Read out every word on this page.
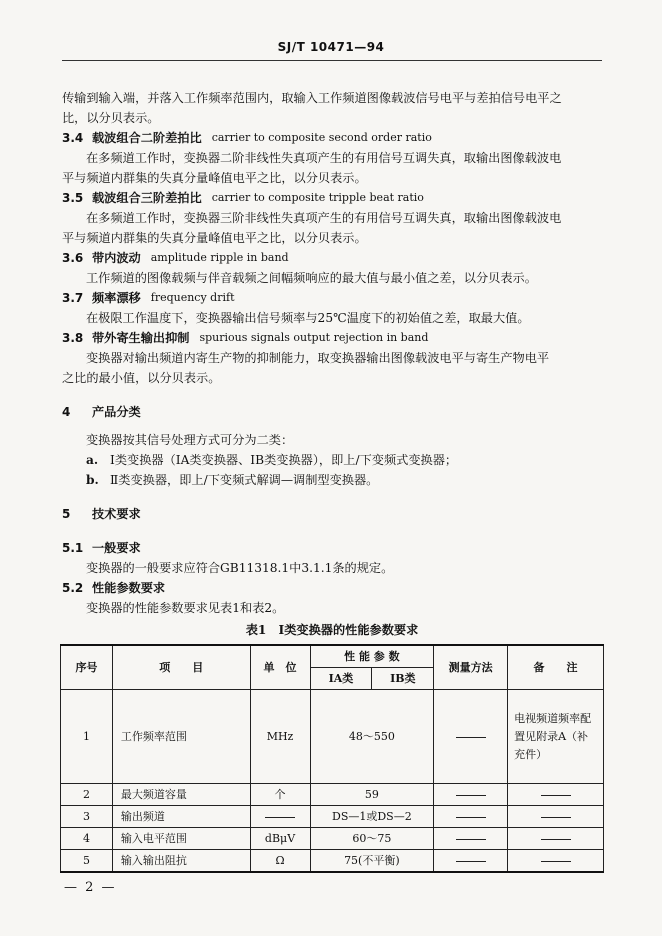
SJ/T 10471—94

传输到输入端，并落入工作频率范围内，取输入工作频道图像载波信号电平与差拍信号电平之

比，以分贝表示。

3.4 载波组合二阶差拍比 carrier to composite second order ratio

在多频道工作时，变换器二阶非线性失真项产生的有用信号互调失真，取输出图像载波电

平与频道内群集的失真分量峰值电平之比，以分贝表示。

3.5 载波组合三阶差拍比 carrier to composite tripple beat ratio

在多频道工作时，变换器三阶非线性失真项产生的有用信号互调失真，取输出图像载波电

平与频道内群集的失真分量峰值电平之比，以分贝表示。

3.6 带内波动 amplitude ripple in band

工作频道的图像载频与伴音载频之间幅频响应的最大值与最小值之差，以分贝表示。

3.7 频率漂移 frequency drift

在极限工作温度下，变换器输出信号频率与25℃温度下的初始值之差，取最大值。

3.8 带外寄生输出抑制 spurious signals output rejection in band

变换器对输出频道内寄生产物的抑制能力，取变换器输出图像载波电平与寄生产物电平

之比的最小值，以分贝表示。

4	产品分类

变换器按其信号处理方式可分为二类：

a. Ⅰ类变换器（ⅠA类变换器、ⅠB类变换器），即上/下变频式变换器；
b. Ⅱ类变换器，即上/下变频式解调—调制型变换器。
5	技术要求
5.1 一般要求

变换器的一般要求应符合GB11318.1中3.1.1条的规定。

5.2 性能参数要求

变换器的性能参数要求见表1和表2。

表1　Ⅰ类变换器的性能参数要求
序号	项　　目	单　位	性 能 参 数		测量方法	备　　注
			ⅠA类	ⅠB类		
1	工作频率范围	MHz	48～550			电视频道频率配置见附录A（补充件）
2	最大频道容量	个	59			
3	输出频道		DS—1或DS—2			
4	输入电平范围	dBμV	60～75			
5	输入输出阻抗	Ω	75(不平衡)			
— 2 —
